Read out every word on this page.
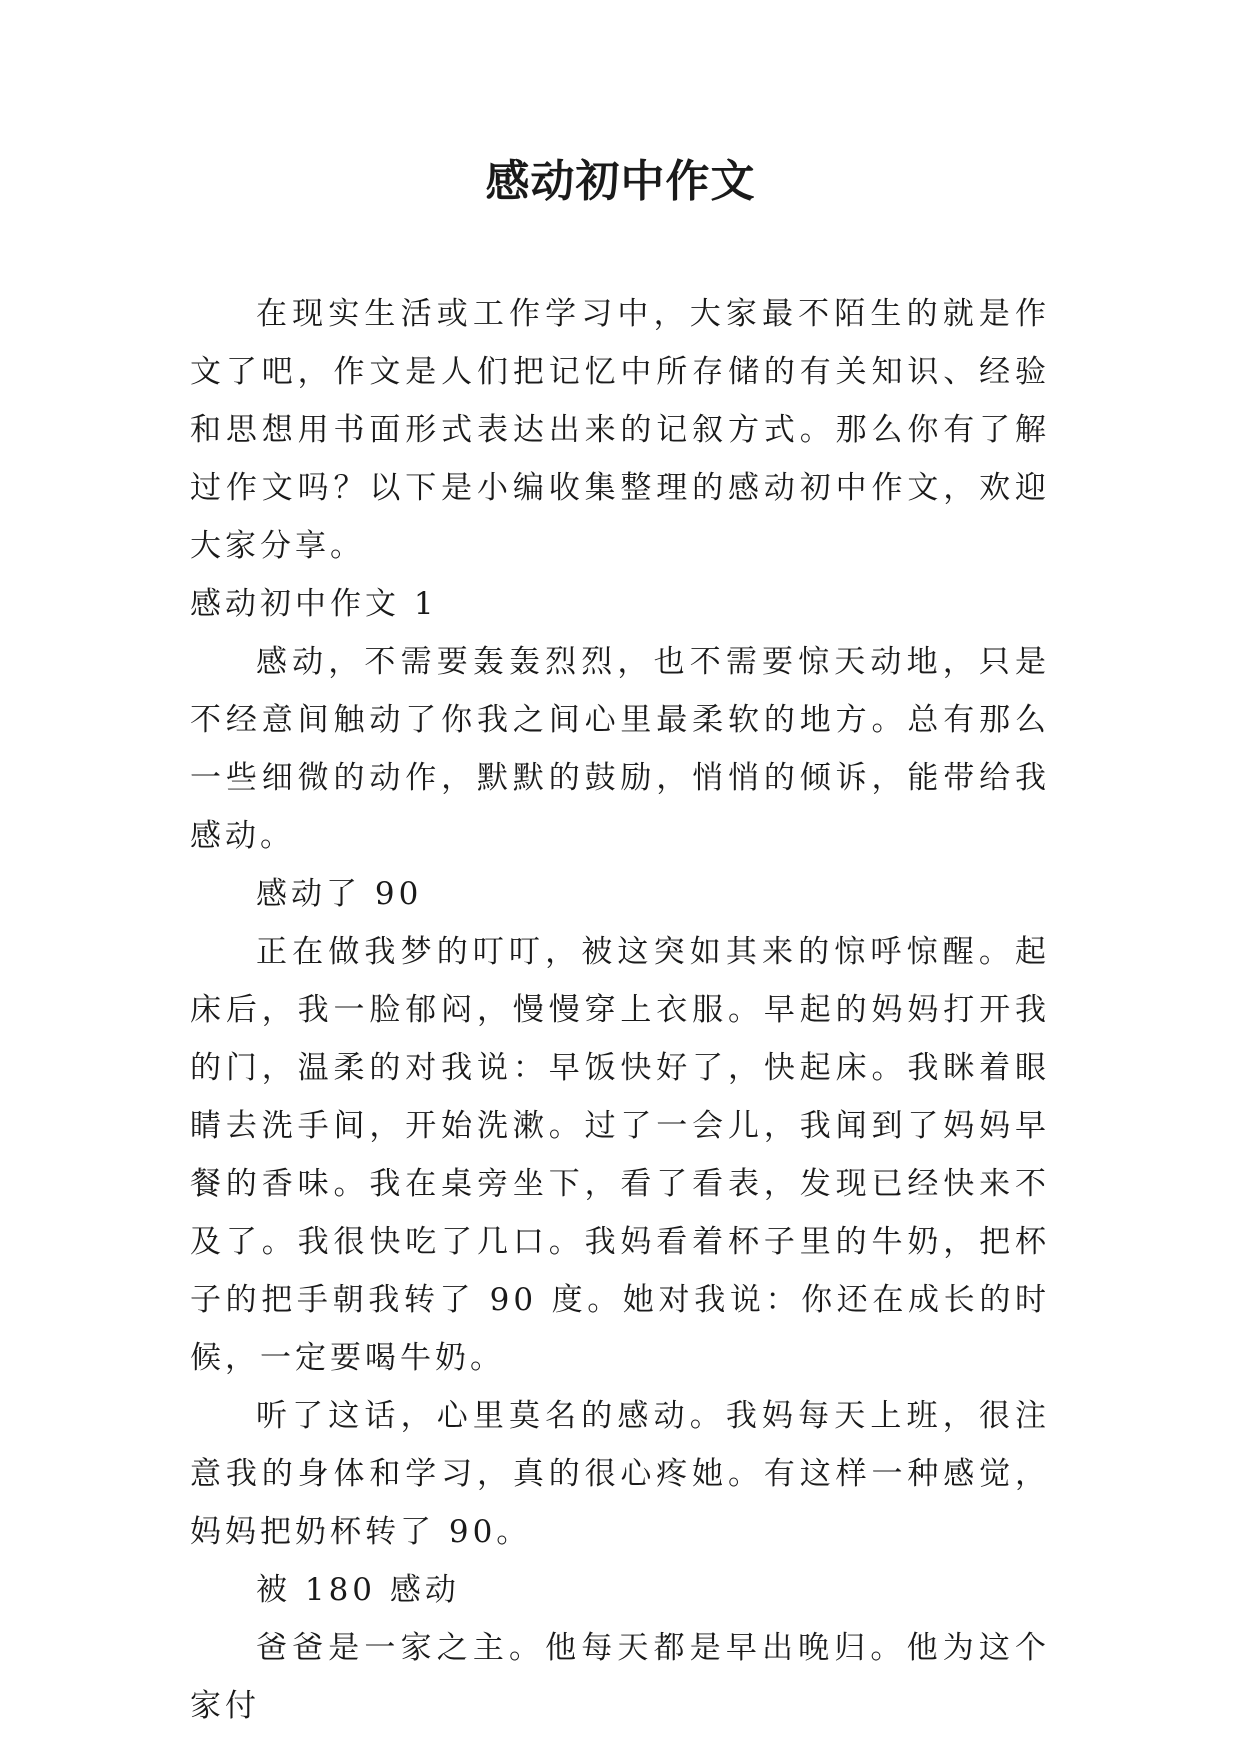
感动初中作文

在现实生活或工作学习中，大家最不陌生的就是作文了吧，作文是人们把记忆中所存储的有关知识、经验和思想用书面形式表达出来的记叙方式。那么你有了解过作文吗？以下是小编收集整理的感动初中作文，欢迎大家分享。

感动初中作文 1

感动，不需要轰轰烈烈，也不需要惊天动地，只是不经意间触动了你我之间心里最柔软的地方。总有那么一些细微的动作，默默的鼓励，悄悄的倾诉，能带给我感动。

感动了 90

正在做我梦的叮叮，被这突如其来的惊呼惊醒。起床后，我一脸郁闷，慢慢穿上衣服。早起的妈妈打开我的门，温柔的对我说：早饭快好了，快起床。我眯着眼睛去洗手间，开始洗漱。过了一会儿，我闻到了妈妈早餐的香味。我在桌旁坐下，看了看表，发现已经快来不及了。我很快吃了几口。我妈看着杯子里的牛奶，把杯子的把手朝我转了 90 度。她对我说：你还在成长的时候，一定要喝牛奶。

听了这话，心里莫名的感动。我妈每天上班，很注意我的身体和学习，真的很心疼她。有这样一种感觉，妈妈把奶杯转了 90。

被 180 感动

爸爸是一家之主。他每天都是早出晚归。他为这个家付
